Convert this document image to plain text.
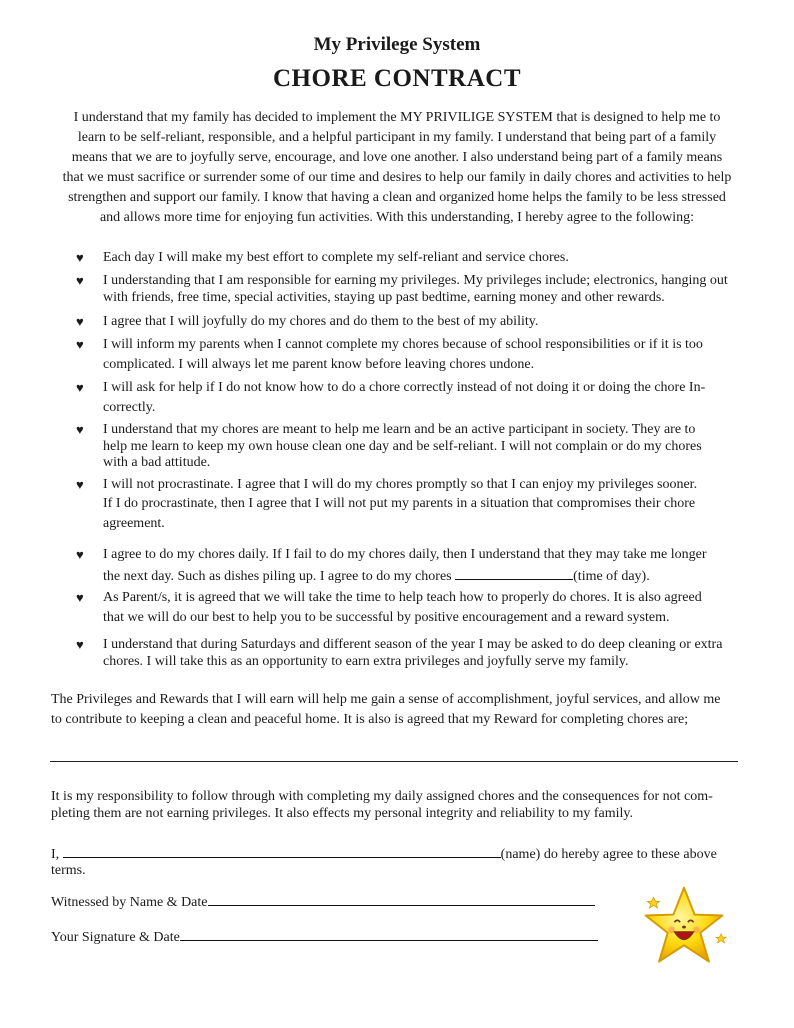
My Privilege System
CHORE CONTRACT
I understand that my family has decided to implement the MY PRIVILIGE SYSTEM that is designed to help me to
learn to be self-reliant, responsible, and a helpful participant in my family. I understand that being part of a family
means that we are to joyfully serve, encourage, and love one another. I also understand being part of a family means
that we must sacrifice or surrender some of our time and desires to help our family in daily chores and activities to help
strengthen and support our family. I know that having a clean and organized home helps the family to be less stressed
and allows more time for enjoying fun activities. With this understanding, I hereby agree to the following:
♥ Each day I will make my best effort to complete my self-reliant and service chores.
♥ I understanding that I am responsible for earning my privileges. My privileges include; electronics, hanging out
with friends, free time, special activities, staying up past bedtime, earning money and other rewards.
♥ I agree that I will joyfully do my chores and do them to the best of my ability.
♥ I will inform my parents when I cannot complete my chores because of school responsibilities or if it is too
complicated. I will always let me parent know before leaving chores undone.
♥ I will ask for help if I do not know how to do a chore correctly instead of not doing it or doing the chore In-
correctly.
♥ I understand that my chores are meant to help me learn and be an active participant in society. They are to
help me learn to keep my own house clean one day and be self-reliant. I will not complain or do my chores
with a bad attitude.
♥ I will not procrastinate. I agree that I will do my chores promptly so that I can enjoy my privileges sooner.
If I do procrastinate, then I agree that I will not put my parents in a situation that compromises their chore
agreement.
♥ I agree to do my chores daily. If I fail to do my chores daily, then I understand that they may take me longer
the next day. Such as dishes piling up. I agree to do my chores	(time of day).
♥ As Parent/s, it is agreed that we will take the time to help teach how to properly do chores. It is also agreed
that we will do our best to help you to be successful by positive encouragement and a reward system.
♥ I understand that during Saturdays and different season of the year I may be asked to do deep cleaning or extra
chores. I will take this as an opportunity to earn extra privileges and joyfully serve my family.
The Privileges and Rewards that I will earn will help me gain a sense of accomplishment, joyful services, and allow me
to contribute to keeping a clean and peaceful home. It is also is agreed that my Reward for completing chores are;
It is my responsibility to follow through with completing my daily assigned chores and the consequences for not com-
pleting them are not earning privileges. It also effects my personal integrity and reliability to my family.
I,	(name) do hereby agree to these above
terms.
Witnessed by Name & Date
Your Signature & Date
